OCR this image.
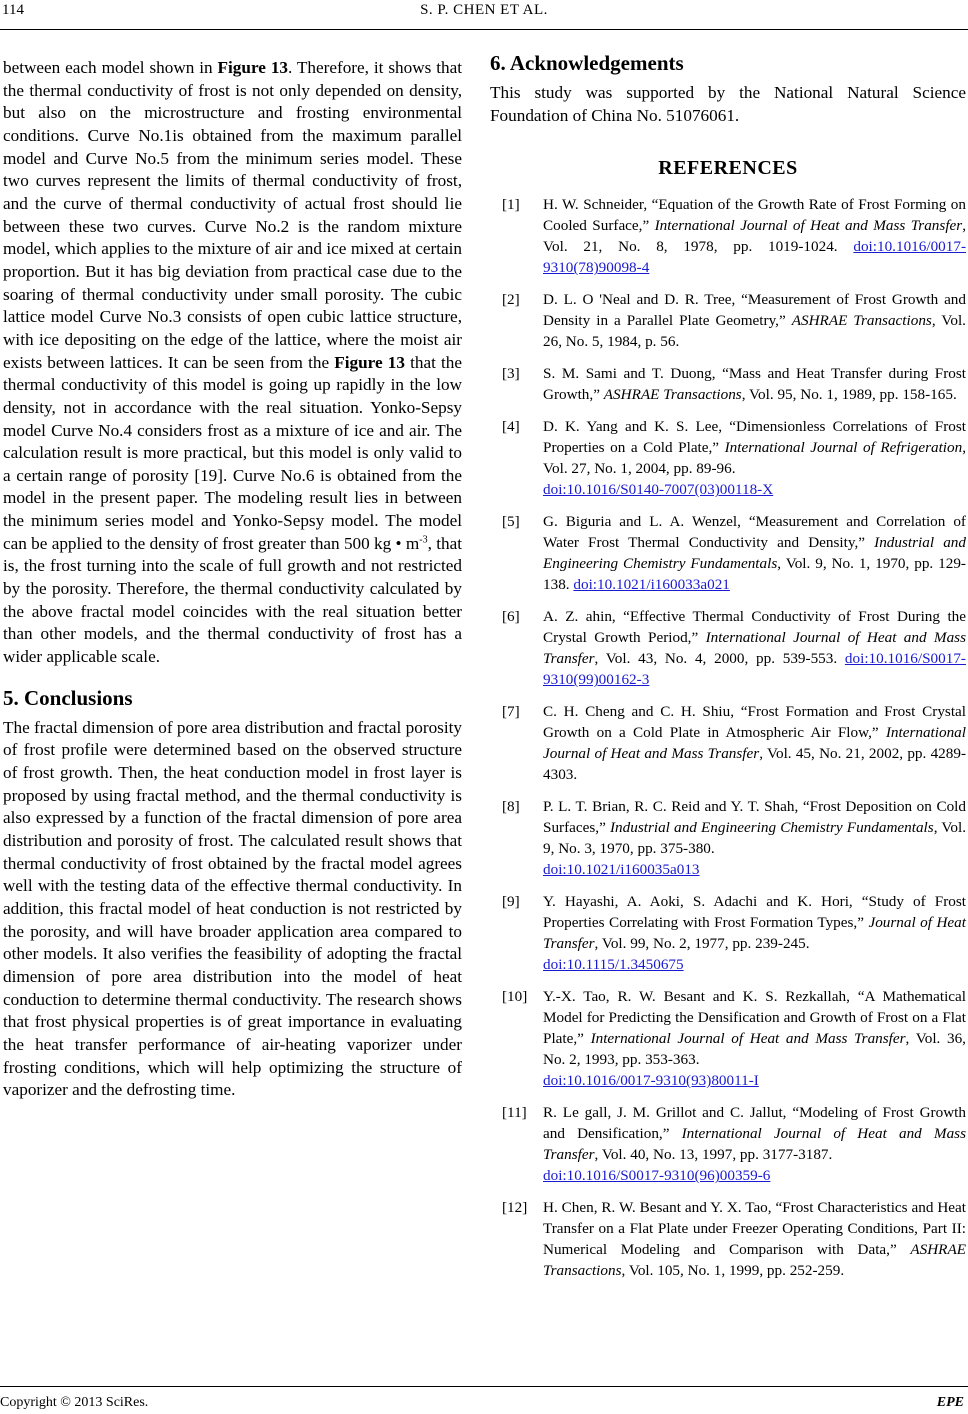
114	S. P. CHEN ET AL.

between each model shown in Figure 13. Therefore, it shows that the thermal conductivity of frost is not only depended on density, but also on the microstructure and frosting environmental conditions. Curve No.1is obtained from the maximum parallel model and Curve No.5 from the minimum series model. These two curves represent the limits of thermal conductivity of frost, and the curve of thermal conductivity of actual frost should lie between these two curves. Curve No.2 is the random mixture model, which applies to the mixture of air and ice mixed at certain proportion. But it has big deviation from practical case due to the soaring of thermal conductivity under small porosity. The cubic lattice model Curve No.3 consists of open cubic lattice structure, with ice depositing on the edge of the lattice, where the moist air exists between lattices. It can be seen from the Figure 13 that the thermal conductivity of this model is going up rapidly in the low density, not in accordance with the real situation. Yonko-Sepsy model Curve No.4 considers frost as a mixture of ice and air. The calculation result is more practical, but this model is only valid to a certain range of porosity [19]. Curve No.6 is obtained from the model in the present paper. The modeling result lies in between the minimum series model and Yonko-Sepsy model. The model can be applied to the density of frost greater than 500 kg • $m^{-3}$, that is, the frost turning into the scale of full growth and not restricted by the porosity. Therefore, the thermal conductivity calculated by the above fractal model coincides with the real situation better than other models, and the thermal conductivity of frost has a wider applicable scale.

5. Conclusions

The fractal dimension of pore area distribution and fractal porosity of frost profile were determined based on the observed structure of frost growth. Then, the heat conduction model in frost layer is proposed by using fractal method, and the thermal conductivity is also expressed by a function of the fractal dimension of pore area distribution and porosity of frost. The calculated result shows that thermal conductivity of frost obtained by the fractal model agrees well with the testing data of the effective thermal conductivity. In addition, this fractal model of heat conduction is not restricted by the porosity, and will have broader application area compared to other models. It also verifies the feasibility of adopting the fractal dimension of pore area distribution into the model of heat conduction to determine thermal conductivity. The research shows that frost physical properties is of great importance in evaluating the heat transfer performance of air-heating vaporizer under frosting conditions, which will help optimizing the structure of vaporizer and the defrosting time.

6. Acknowledgements

This study was supported by the National Natural Science Foundation of China No. 51076061.

REFERENCES
[1]	H. W. Schneider, “Equation of the Growth Rate of Frost Forming on Cooled Surface,” International Journal of Heat and Mass Transfer, Vol. 21, No. 8, 1978, pp. 1019-1024. doi:10.1016/0017-9310(78)90098-4
[2]	D. L. O 'Neal and D. R. Tree, “Measurement of Frost Growth and Density in a Parallel Plate Geometry,” ASHRAE Transactions, Vol. 26, No. 5, 1984, p. 56.
[3]	S. M. Sami and T. Duong, “Mass and Heat Transfer during Frost Growth,” ASHRAE Transactions, Vol. 95, No. 1, 1989, pp. 158-165.
[4]	D. K. Yang and K. S. Lee, “Dimensionless Correlations of Frost Properties on a Cold Plate,” International Journal of Refrigeration, Vol. 27, No. 1, 2004, pp. 89-96.
doi:10.1016/S0140-7007(03)00118-X
[5]	G. Biguria and L. A. Wenzel, “Measurement and Correlation of Water Frost Thermal Conductivity and Density,” Industrial and Engineering Chemistry Fundamentals, Vol. 9, No. 1, 1970, pp. 129-138. doi:10.1021/i160033a021
[6]	A. Z. ahin, “Effective Thermal Conductivity of Frost During the Crystal Growth Period,” International Journal of Heat and Mass Transfer, Vol. 43, No. 4, 2000, pp. 539-553. doi:10.1016/S0017-9310(99)00162-3
[7]	C. H. Cheng and C. H. Shiu, “Frost Formation and Frost Crystal Growth on a Cold Plate in Atmospheric Air Flow,” International Journal of Heat and Mass Transfer, Vol. 45, No. 21, 2002, pp. 4289-4303.
[8]	P. L. T. Brian, R. C. Reid and Y. T. Shah, “Frost Deposition on Cold Surfaces,” Industrial and Engineering Chemistry Fundamentals, Vol. 9, No. 3, 1970, pp. 375-380.
doi:10.1021/i160035a013
[9]	Y. Hayashi, A. Aoki, S. Adachi and K. Hori, “Study of Frost Properties Correlating with Frost Formation Types,” Journal of Heat Transfer, Vol. 99, No. 2, 1977, pp. 239-245.
doi:10.1115/1.3450675
[10]	Y.-X. Tao, R. W. Besant and K. S. Rezkallah, “A Mathematical Model for Predicting the Densification and Growth of Frost on a Flat Plate,” International Journal of Heat and Mass Transfer, Vol. 36, No. 2, 1993, pp. 353-363.
doi:10.1016/0017-9310(93)80011-I
[11]	R. Le gall, J. M. Grillot and C. Jallut, “Modeling of Frost Growth and Densification,” International Journal of Heat and Mass Transfer, Vol. 40, No. 13, 1997, pp. 3177-3187.
doi:10.1016/S0017-9310(96)00359-6
[12]	H. Chen, R. W. Besant and Y. X. Tao, “Frost Characteristics and Heat Transfer on a Flat Plate under Freezer Operating Conditions, Part II: Numerical Modeling and Comparison with Data,” ASHRAE Transactions, Vol. 105, No. 1, 1999, pp. 252-259.
Copyright © 2013 SciRes.	EPE
